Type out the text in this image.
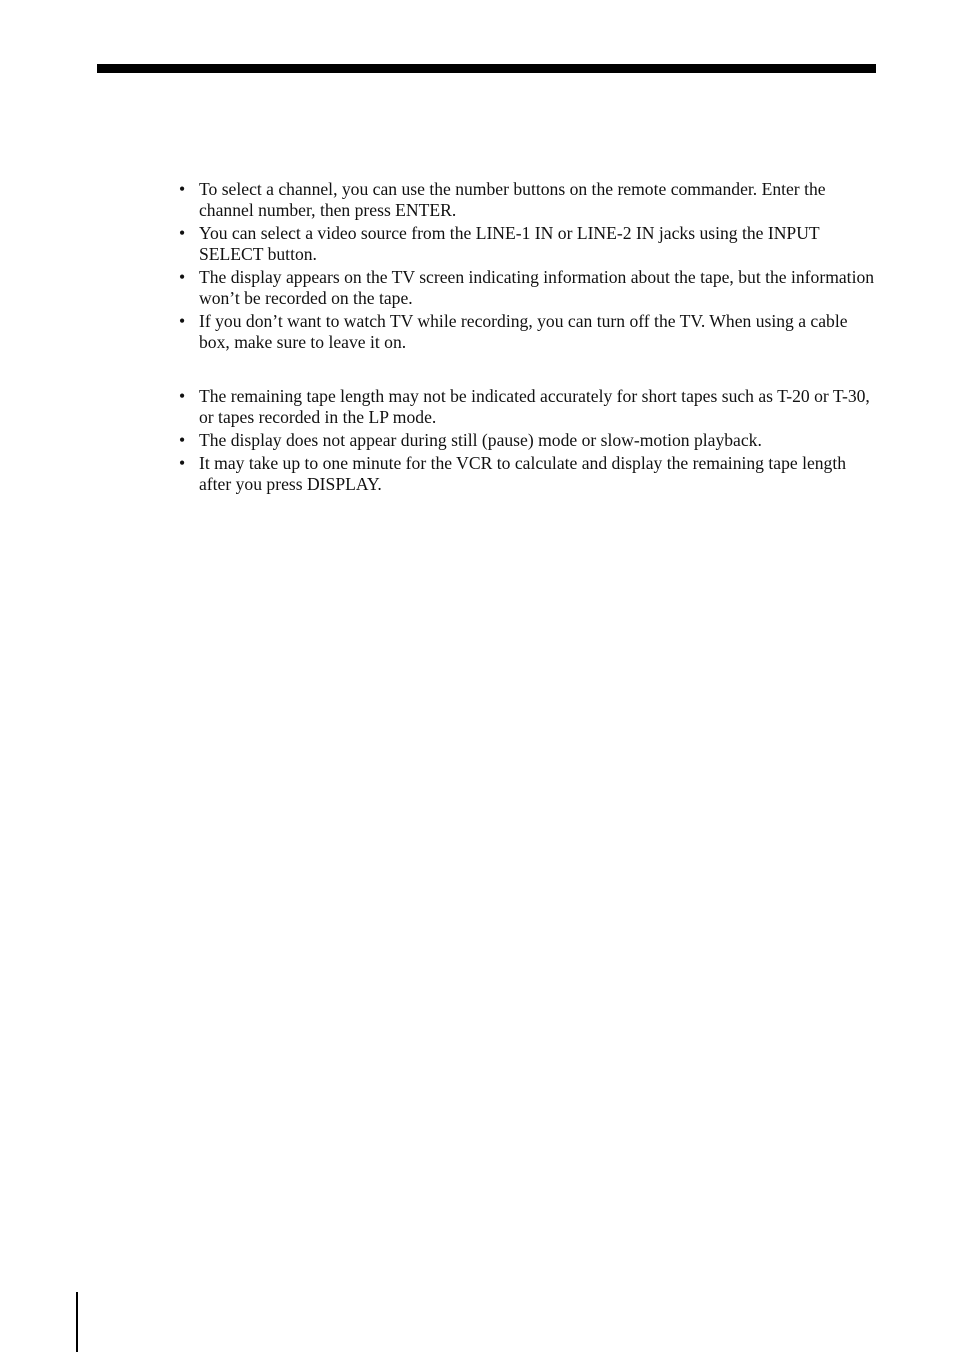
• To select a channel, you can use the number buttons on the remote commander. Enter the channel number, then press ENTER.
• You can select a video source from the LINE-1 IN or LINE-2 IN jacks using the INPUT SELECT button.
• The display appears on the TV screen indicating information about the tape, but the information won’t be recorded on the tape.
• If you don’t want to watch TV while recording, you can turn off the TV. When using a cable box, make sure to leave it on.
• The remaining tape length may not be indicated accurately for short tapes such as T-20 or T-30, or tapes recorded in the LP mode.
• The display does not appear during still (pause) mode or slow-motion playback.
• It may take up to one minute for the VCR to calculate and display the remaining tape length after you press DISPLAY.
